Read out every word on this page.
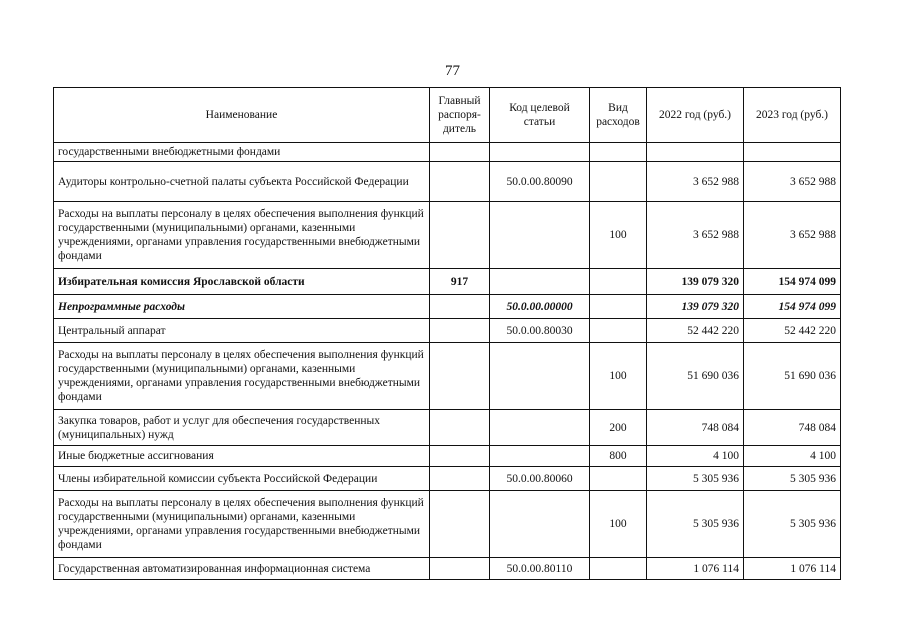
77
Наименование	Главный распоря-дитель	Код целевой статьи	Вид расходов	2022 год (руб.)	2023 год (руб.)
государственными внебюджетными фондами					
Аудиторы контрольно-счетной палаты субъекта Российской Федерации		50.0.00.80090		3 652 988	3 652 988
Расходы на выплаты персоналу в целях обеспечения выполнения функций государственными (муниципальными) органами, казенными учреждениями, органами управления государственными внебюджетными фондами			100	3 652 988	3 652 988
Избирательная комиссия Ярославской области	917			139 079 320	154 974 099
Непрограммные расходы		50.0.00.00000		139 079 320	154 974 099
Центральный аппарат		50.0.00.80030		52 442 220	52 442 220
Расходы на выплаты персоналу в целях обеспечения выполнения функций государственными (муниципальными) органами, казенными учреждениями, органами управления государственными внебюджетными фондами			100	51 690 036	51 690 036
Закупка товаров, работ и услуг для обеспечения государственных (муниципальных) нужд			200	748 084	748 084
Иные бюджетные ассигнования			800	4 100	4 100
Члены избирательной комиссии субъекта Российской Федерации		50.0.00.80060		5 305 936	5 305 936
Расходы на выплаты персоналу в целях обеспечения выполнения функций государственными (муниципальными) органами, казенными учреждениями, органами управления государственными внебюджетными фондами			100	5 305 936	5 305 936
Государственная автоматизированная информационная система		50.0.00.80110		1 076 114	1 076 114
